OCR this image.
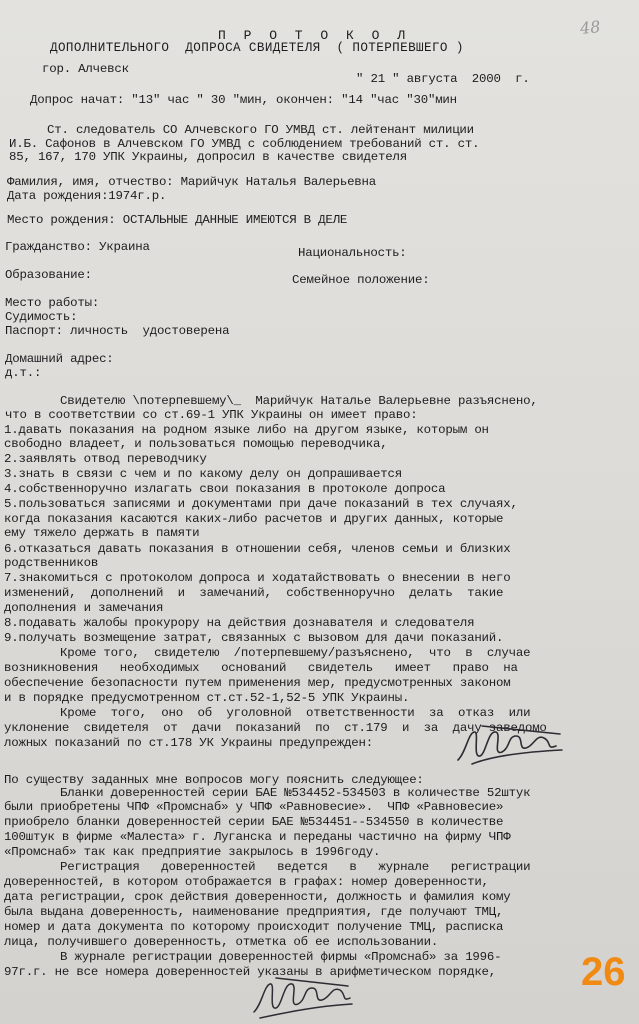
48
П Р О Т О К О Л
ДОПОЛНИТЕЛЬНОГО  ДОПРОСА СВИДЕТЕЛЯ  ( ПОТЕРПЕВШЕГО )
гор. Алчевск
" 21 " августа  2000  г.
Допрос начат: "13" час " 30 "мин, окончен: "14 "час "30"мин
Ст. следователь СО Алчевского ГО УМВД ст. лейтенант милиции
И.Б. Сафонов в Алчевском ГО УМВД с соблюдением требований ст. ст.
85, 167, 170 УПК Украины, допросил в качестве свидетеля
Фамилия, имя, отчество: Марийчук Наталья Валерьевна
Дата рождения:1974г.р.
Место рождения: ОСТАЛЬНЫЕ ДАННЫЕ ИМЕЮТСЯ В ДЕЛЕ
Гражданство: Украина	Национальность:
Образование:	Семейное положение:
Место работы:
Судимость:
Паспорт: личность  удостоверена
Домашний адрес:
д.т.:
Свидетелю \потерпевшему\_  Марийчук Наталье Валерьевне разъяснено,
что в соответствии со ст.69-1 УПК Украины он имеет право:
1.давать показания на родном языке либо на другом языке, которым он
свободно владеет, и пользоваться помощью переводчика,
2.заявлять отвод переводчику
3.знать в связи с чем и по какому делу он допрашивается
4.собственноручно излагать свои показания в протоколе допроса
5.пользоваться записями и документами при даче показаний в тех случаях,
когда показания касаются каких-либо расчетов и других данных, которые
ему тяжело держать в памяти
6.отказаться давать показания в отношении себя, членов семьи и близких
родственников
7.знакомиться с протоколом допроса и ходатайствовать о внесении в него
изменений,  дополнений  и  замечаний,  собственноручно  делать  такие
дополнения и замечания
8.подавать жалобы прокурору на действия дознавателя и следователя
9.получать возмещение затрат, связанных с вызовом для дачи показаний.
Кроме того,  свидетелю  /потерпевшему/разъяснено,  что  в  случае
возникновения   необходимых   оснований   свидетель   имеет   право  на
обеспечение безопасности путем применения мер, предусмотренных законом
и в порядке предусмотренном ст.ст.52-1,52-5 УПК Украины.
Кроме  того,  оно  об  уголовной  ответственности  за  отказ  или
уклонение  свидетеля  от  дачи  показаний  по  ст.179  и  за  дачу заведомо
ложных показаний по ст.178 УК Украины предупрежден:
По существу заданных мне вопросов могу пояснить следующее:
Бланки доверенностей серии БАЕ №534452-534503 в количестве 52штук
были приобретены ЧПФ «Промснаб» у ЧПФ «Равновесие».  ЧПФ «Равновесие»
приобрело бланки доверенностей серии БАЕ №534451--534550 в количестве
100штук в фирме «Малеста» г. Луганска и переданы частично на фирму ЧПФ
«Промснаб» так как предприятие закрылось в 1996году.
Регистрация   доверенностей   ведется   в   журнале   регистрации
доверенностей, в котором отображается в графах: номер доверенности,
дата регистрации, срок действия доверенности, должность и фамилия кому
была выдана доверенность, наименование предприятия, где получают ТМЦ,
номер и дата документа по которому происходит получение ТМЦ, расписка
лица, получившего доверенность, отметка об ее использовании.
В журнале регистрации доверенностей фирмы «Промснаб» за 1996-
97г.г. не все номера доверенностей указаны в арифметическом порядке, 26
